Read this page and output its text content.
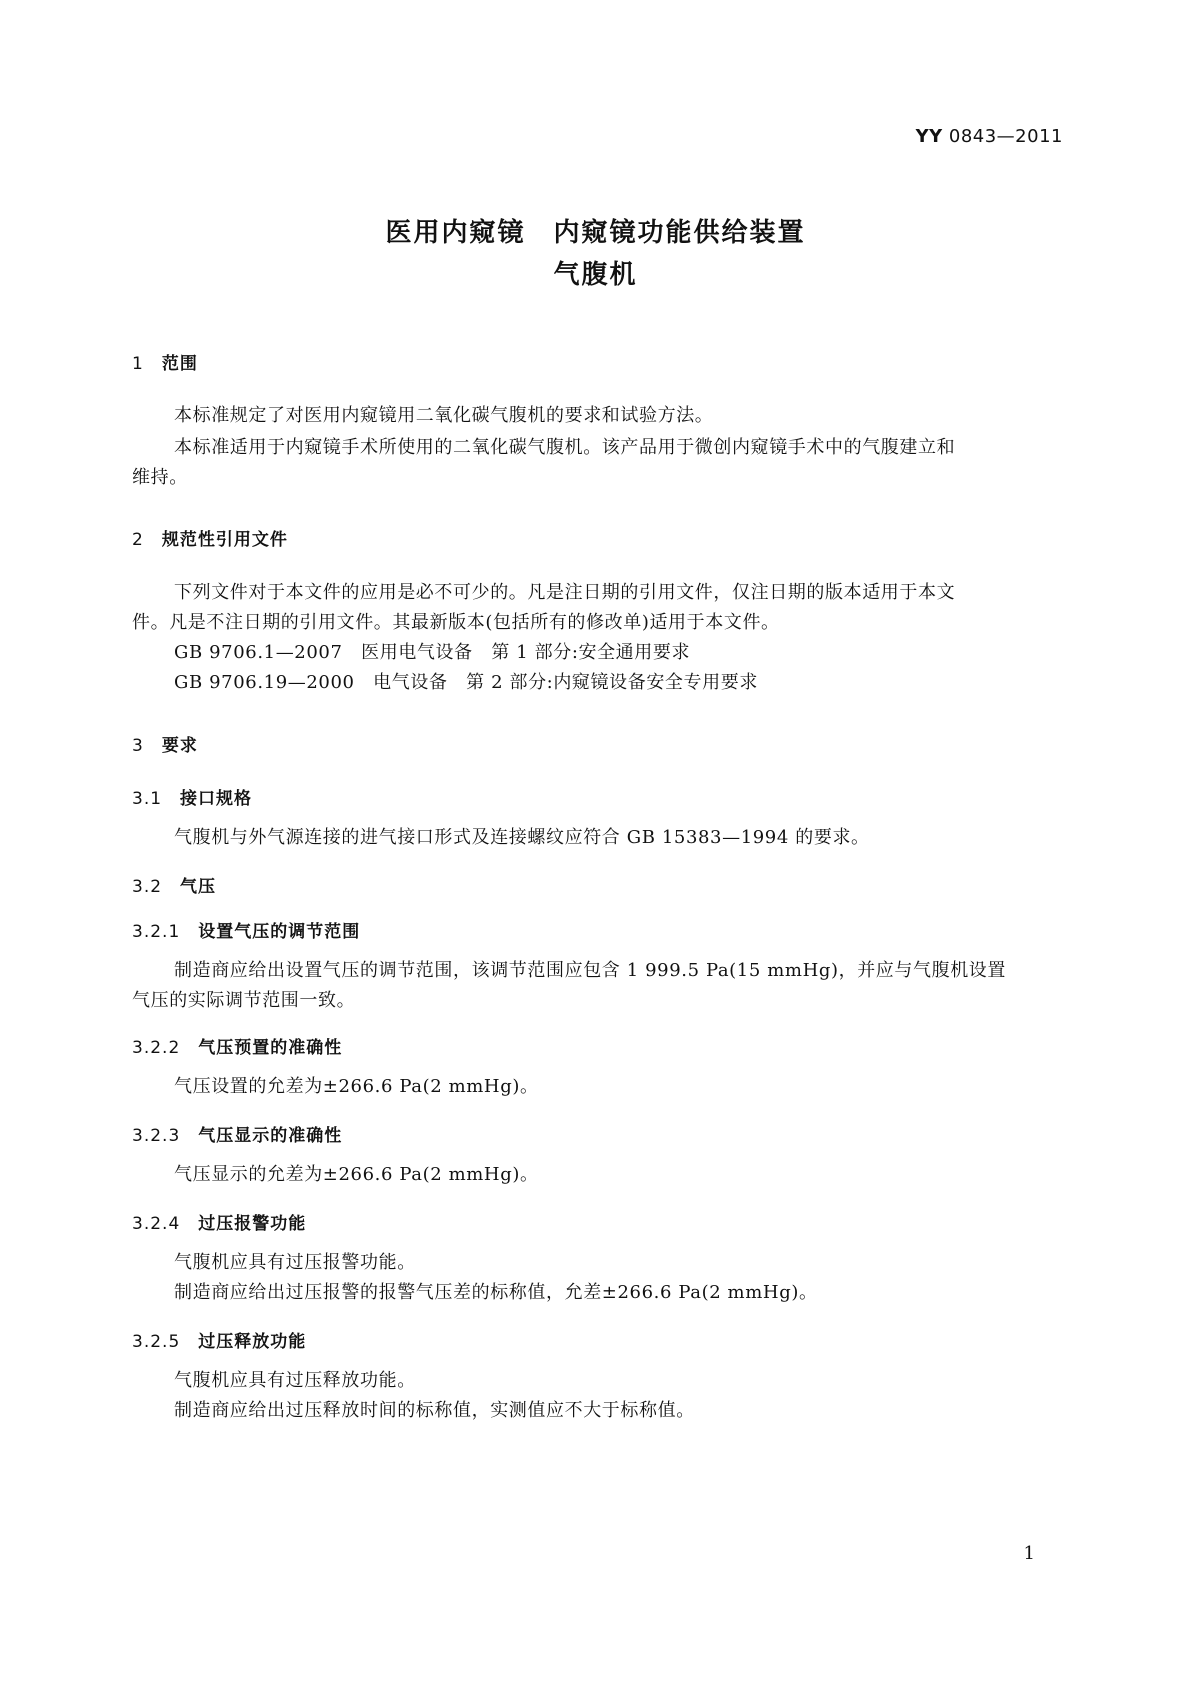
YY 0843—2011
医用内窥镜　内窥镜功能供给装置
气腹机
1 范围
本标准规定了对医用内窥镜用二氧化碳气腹机的要求和试验方法。
本标准适用于内窥镜手术所使用的二氧化碳气腹机。该产品用于微创内窥镜手术中的气腹建立和
维持。
2 规范性引用文件
下列文件对于本文件的应用是必不可少的。凡是注日期的引用文件，仅注日期的版本适用于本文
件。凡是不注日期的引用文件。其最新版本(包括所有的修改单)适用于本文件。
GB 9706.1—2007　医用电气设备　第 1 部分:安全通用要求
GB 9706.19—2000　电气设备　第 2 部分:内窥镜设备安全专用要求
3 要求
3.1 接口规格
气腹机与外气源连接的进气接口形式及连接螺纹应符合 GB 15383—1994 的要求。
3.2 气压
3.2.1 设置气压的调节范围
制造商应给出设置气压的调节范围，该调节范围应包含 1 999.5 Pa(15 mmHg)，并应与气腹机设置
气压的实际调节范围一致。
3.2.2 气压预置的准确性
气压设置的允差为±266.6 Pa(2 mmHg)。
3.2.3 气压显示的准确性
气压显示的允差为±266.6 Pa(2 mmHg)。
3.2.4 过压报警功能
气腹机应具有过压报警功能。
制造商应给出过压报警的报警气压差的标称值，允差±266.6 Pa(2 mmHg)。
3.2.5 过压释放功能
气腹机应具有过压释放功能。
制造商应给出过压释放时间的标称值，实测值应不大于标称值。
1
